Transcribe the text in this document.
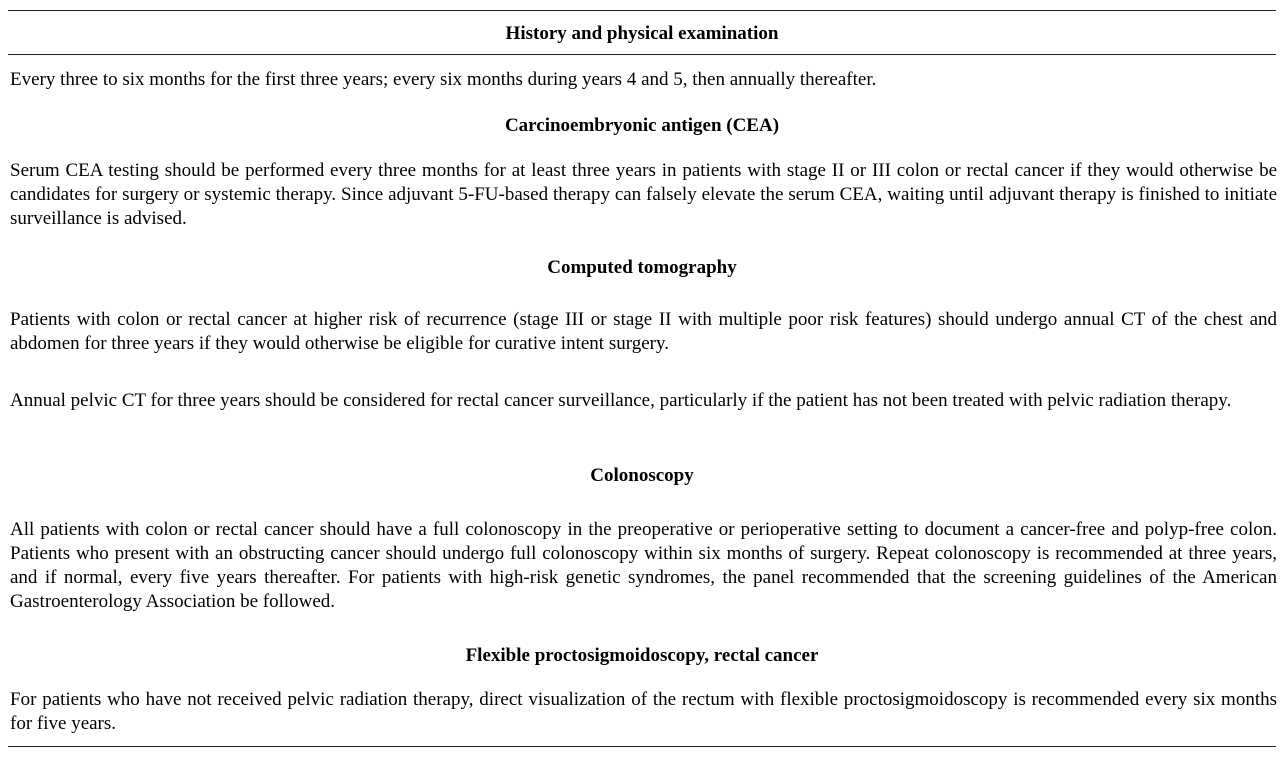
History and physical examination
Every three to six months for the first three years; every six months during years 4 and 5, then annually thereafter.
Carcinoembryonic antigen (CEA)
Serum CEA testing should be performed every three months for at least three years in patients with stage II or III colon or rectal cancer if they would otherwise be candidates for surgery or systemic therapy. Since adjuvant 5-FU-based therapy can falsely elevate the serum CEA, waiting until adjuvant therapy is finished to initiate surveillance is advised.
Computed tomography
Patients with colon or rectal cancer at higher risk of recurrence (stage III or stage II with multiple poor risk features) should undergo annual CT of the chest and abdomen for three years if they would otherwise be eligible for curative intent surgery.
Annual pelvic CT for three years should be considered for rectal cancer surveillance, particularly if the patient has not been treated with pelvic radiation therapy.
Colonoscopy
All patients with colon or rectal cancer should have a full colonoscopy in the preoperative or perioperative setting to document a cancer-free and polyp-free colon. Patients who present with an obstructing cancer should undergo full colonoscopy within six months of surgery. Repeat colonoscopy is recommended at three years, and if normal, every five years thereafter. For patients with high-risk genetic syndromes, the panel recommended that the screening guidelines of the American Gastroenterology Association be followed.
Flexible proctosigmoidoscopy, rectal cancer
For patients who have not received pelvic radiation therapy, direct visualization of the rectum with flexible proctosigmoidoscopy is recommended every six months for five years.
